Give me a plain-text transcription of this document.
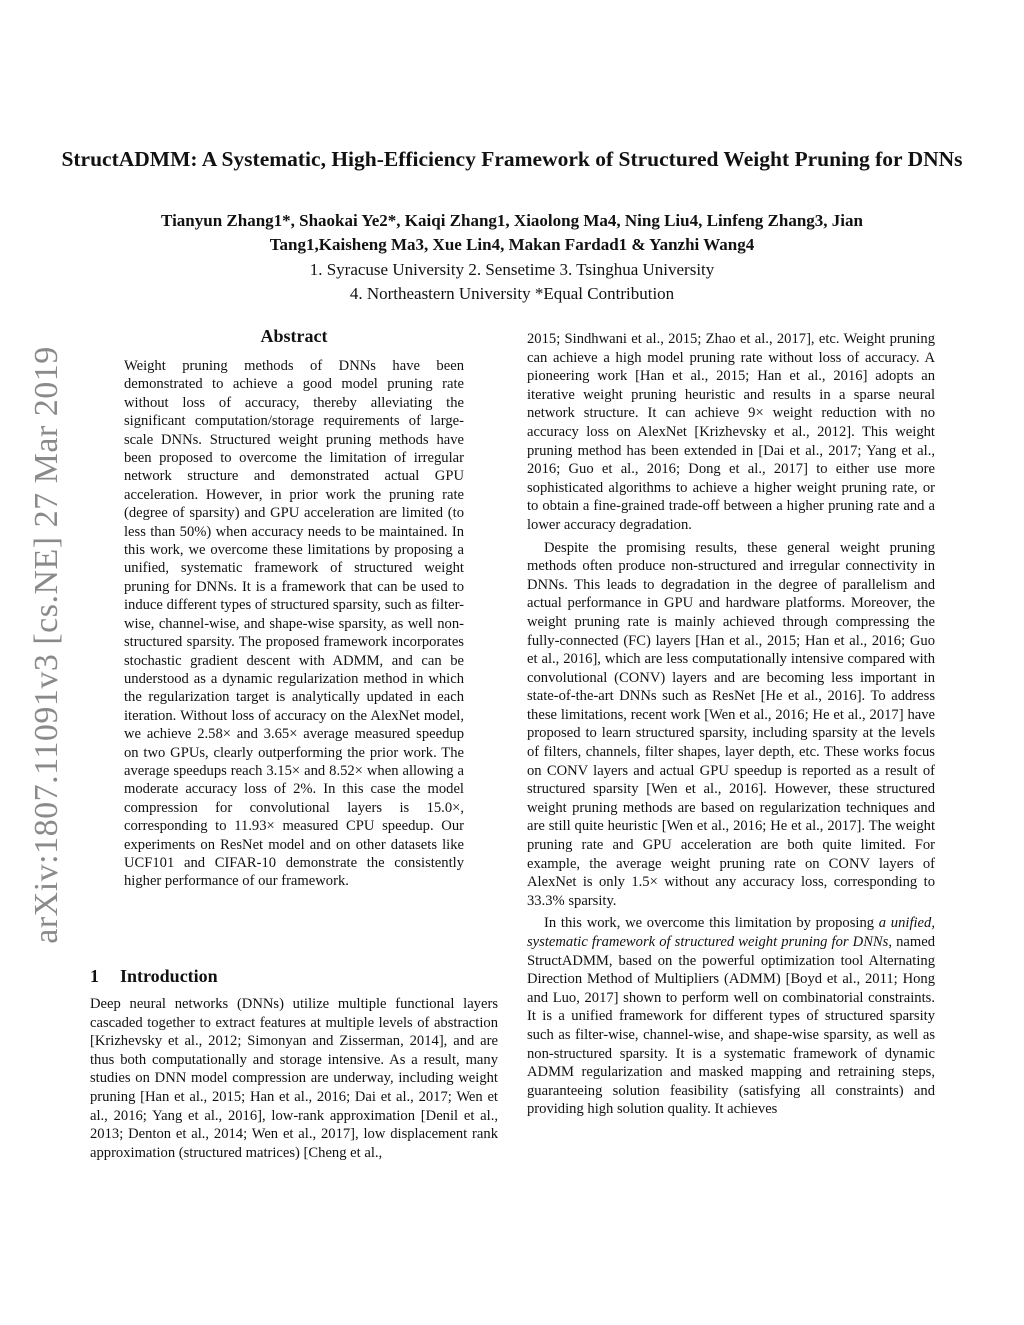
arXiv:1807.11091v3 [cs.NE] 27 Mar 2019
StructADMM: A Systematic, High-Efficiency Framework of Structured Weight Pruning for DNNs
Tianyun Zhang1*, Shaokai Ye2*, Kaiqi Zhang1, Xiaolong Ma4, Ning Liu4, Linfeng Zhang3, Jian
Tang1,Kaisheng Ma3, Xue Lin4, Makan Fardad1 & Yanzhi Wang4
1. Syracuse University 2. Sensetime 3. Tsinghua University
4. Northeastern University *Equal Contribution
Abstract
Weight pruning methods of DNNs have been demonstrated to achieve a good model pruning rate without loss of accuracy, thereby alleviating the significant computation/storage requirements of large-scale DNNs. Structured weight pruning methods have been proposed to overcome the limitation of irregular network structure and demonstrated actual GPU acceleration. However, in prior work the pruning rate (degree of sparsity) and GPU acceleration are limited (to less than 50%) when accuracy needs to be maintained. In this work, we overcome these limitations by proposing a unified, systematic framework of structured weight pruning for DNNs. It is a framework that can be used to induce different types of structured sparsity, such as filter-wise, channel-wise, and shape-wise sparsity, as well non-structured sparsity. The proposed framework incorporates stochastic gradient descent with ADMM, and can be understood as a dynamic regularization method in which the regularization target is analytically updated in each iteration. Without loss of accuracy on the AlexNet model, we achieve 2.58× and 3.65× average measured speedup on two GPUs, clearly outperforming the prior work. The average speedups reach 3.15× and 8.52× when allowing a moderate accuracy loss of 2%. In this case the model compression for convolutional layers is 15.0×, corresponding to 11.93× measured CPU speedup. Our experiments on ResNet model and on other datasets like UCF101 and CIFAR-10 demonstrate the consistently higher performance of our framework.
1 Introduction

Deep neural networks (DNNs) utilize multiple functional layers cascaded together to extract features at multiple levels of abstraction [Krizhevsky et al., 2012; Simonyan and Zisserman, 2014], and are thus both computationally and storage intensive. As a result, many studies on DNN model compression are underway, including weight pruning [Han et al., 2015; Han et al., 2016; Dai et al., 2017; Wen et al., 2016; Yang et al., 2016], low-rank approximation [Denil et al., 2013; Denton et al., 2014; Wen et al., 2017], low displacement rank approximation (structured matrices) [Cheng et al.,

2015; Sindhwani et al., 2015; Zhao et al., 2017], etc. Weight pruning can achieve a high model pruning rate without loss of accuracy. A pioneering work [Han et al., 2015; Han et al., 2016] adopts an iterative weight pruning heuristic and results in a sparse neural network structure. It can achieve 9× weight reduction with no accuracy loss on AlexNet [Krizhevsky et al., 2012]. This weight pruning method has been extended in [Dai et al., 2017; Yang et al., 2016; Guo et al., 2016; Dong et al., 2017] to either use more sophisticated algorithms to achieve a higher weight pruning rate, or to obtain a fine-grained trade-off between a higher pruning rate and a lower accuracy degradation.

Despite the promising results, these general weight pruning methods often produce non-structured and irregular connectivity in DNNs. This leads to degradation in the degree of parallelism and actual performance in GPU and hardware platforms. Moreover, the weight pruning rate is mainly achieved through compressing the fully-connected (FC) layers [Han et al., 2015; Han et al., 2016; Guo et al., 2016], which are less computationally intensive compared with convolutional (CONV) layers and are becoming less important in state-of-the-art DNNs such as ResNet [He et al., 2016]. To address these limitations, recent work [Wen et al., 2016; He et al., 2017] have proposed to learn structured sparsity, including sparsity at the levels of filters, channels, filter shapes, layer depth, etc. These works focus on CONV layers and actual GPU speedup is reported as a result of structured sparsity [Wen et al., 2016]. However, these structured weight pruning methods are based on regularization techniques and are still quite heuristic [Wen et al., 2016; He et al., 2017]. The weight pruning rate and GPU acceleration are both quite limited. For example, the average weight pruning rate on CONV layers of AlexNet is only 1.5× without any accuracy loss, corresponding to 33.3% sparsity.

In this work, we overcome this limitation by proposing a unified, systematic framework of structured weight pruning for DNNs, named StructADMM, based on the powerful optimization tool Alternating Direction Method of Multipliers (ADMM) [Boyd et al., 2011; Hong and Luo, 2017] shown to perform well on combinatorial constraints. It is a unified framework for different types of structured sparsity such as filter-wise, channel-wise, and shape-wise sparsity, as well as non-structured sparsity. It is a systematic framework of dynamic ADMM regularization and masked mapping and retraining steps, guaranteeing solution feasibility (satisfying all constraints) and providing high solution quality. It achieves
